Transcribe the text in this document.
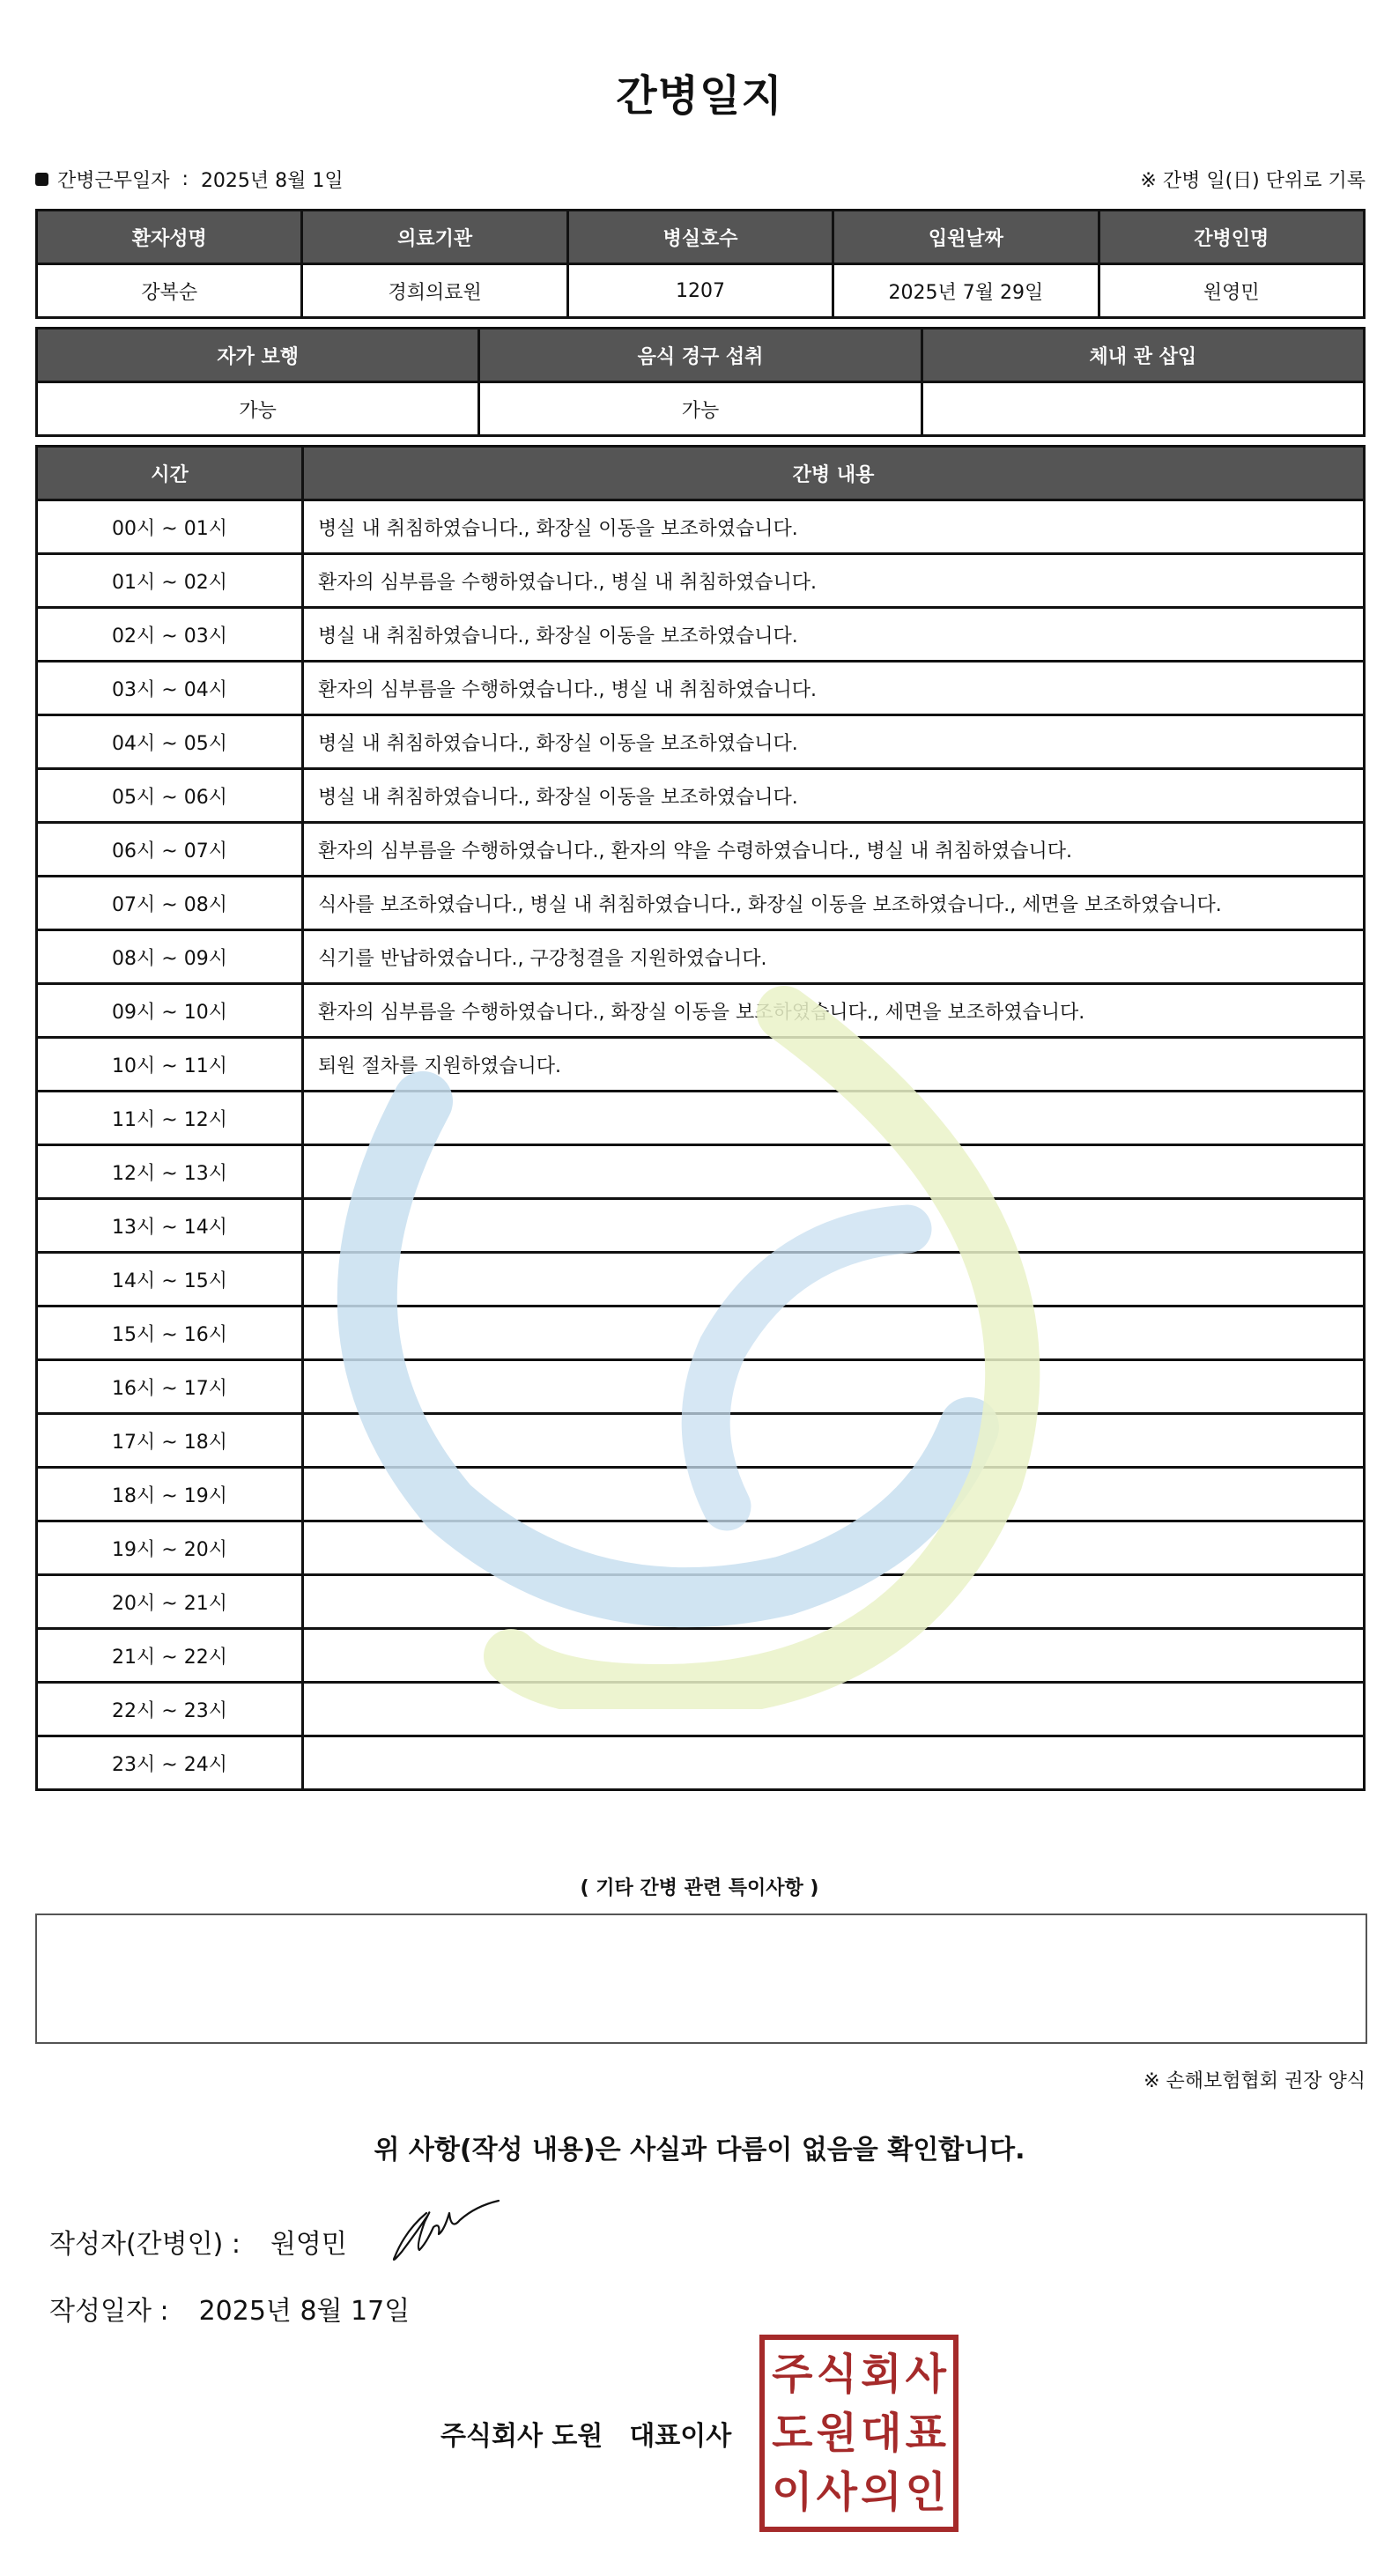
간병일지
간병근무일자 : 2025년 8월 1일	※ 간병 일(日) 단위로 기록
환자성명	의료기관	병실호수	입원날짜	간병인명
강복순	경희의료원	1207	2025년 7월 29일	원영민
자가 보행	음식 경구 섭취	체내 관 삽입
가능	가능	
시간	간병 내용
00시 ~ 01시	병실 내 취침하였습니다., 화장실 이동을 보조하였습니다.
01시 ~ 02시	환자의 심부름을 수행하였습니다., 병실 내 취침하였습니다.
02시 ~ 03시	병실 내 취침하였습니다., 화장실 이동을 보조하였습니다.
03시 ~ 04시	환자의 심부름을 수행하였습니다., 병실 내 취침하였습니다.
04시 ~ 05시	병실 내 취침하였습니다., 화장실 이동을 보조하였습니다.
05시 ~ 06시	병실 내 취침하였습니다., 화장실 이동을 보조하였습니다.
06시 ~ 07시	환자의 심부름을 수행하였습니다., 환자의 약을 수령하였습니다., 병실 내 취침하였습니다.
07시 ~ 08시	식사를 보조하였습니다., 병실 내 취침하였습니다., 화장실 이동을 보조하였습니다., 세면을 보조하였습니다.
08시 ~ 09시	식기를 반납하였습니다., 구강청결을 지원하였습니다.
09시 ~ 10시	환자의 심부름을 수행하였습니다., 화장실 이동을 보조하였습니다., 세면을 보조하였습니다.
10시 ~ 11시	퇴원 절차를 지원하였습니다.
11시 ~ 12시	
12시 ~ 13시	
13시 ~ 14시	
14시 ~ 15시	
15시 ~ 16시	
16시 ~ 17시	
17시 ~ 18시	
18시 ~ 19시	
19시 ~ 20시	
20시 ~ 21시	
21시 ~ 22시	
22시 ~ 23시	
23시 ~ 24시	
( 기타 간병 관련 특이사항 )
※ 손해보험협회 권장 양식
위 사항(작성 내용)은 사실과 다름이 없음을 확인합니다.
작성자(간병인) : 원영민
작성일자 : 2025년 8월 17일
주식회사 도원 대표이사
주 식 회 사
도 원 대 표
이 사 의 인
